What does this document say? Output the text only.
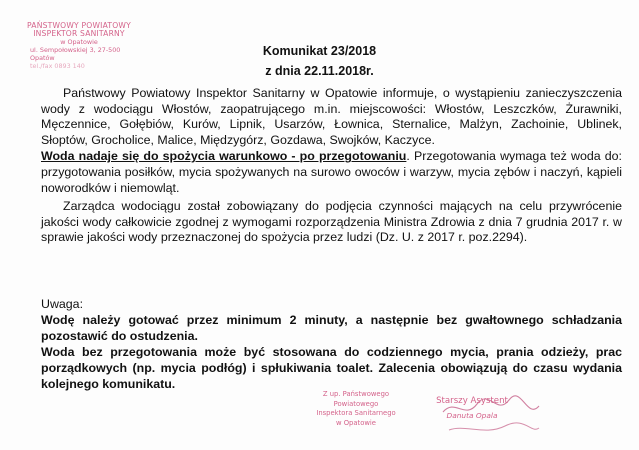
PAŃSTWOWY POWIATOWY
INSPEKTOR SANITARNY
w Opatowie
ul. Sempołowskiej 3, 27-500 Opatów
tel./fax 0893 140
Komunikat 23/2018
z dnia 22.11.2018r.

Państwowy Powiatowy Inspektor Sanitarny w Opatowie informuje, o wystąpieniu zanieczyszczenia wody z wodociągu Włostów, zaopatrującego m.in. miejscowości: Włostów, Leszczków, Żurawniki, Męczennice, Gołębiów, Kurów, Lipnik, Usarzów, Łownica, Sternalice, Malżyn, Zachoinie, Ublinek, Słoptów, Grocholice, Malice, Międzygórz, Gozdawa, Swojków, Kaczyce.

Woda nadaje się do spożycia warunkowo - po przegotowaniu. Przegotowania wymaga też woda do: przygotowania posiłków, mycia spożywanych na surowo owoców i warzyw, mycia zębów i naczyń, kąpieli noworodków i niemowląt.

Zarządca wodociągu został zobowiązany do podjęcia czynności mających na celu przywrócenie jakości wody całkowicie zgodnej z wymogami rozporządzenia Ministra Zdrowia z dnia 7 grudnia 2017 r. w sprawie jakości wody przeznaczonej do spożycia przez ludzi (Dz. U. z 2017 r. poz.2294).

Uwaga:

Wodę należy gotować przez minimum 2 minuty, a następnie bez gwałtownego schładzania pozostawić do ostudzenia.

Woda bez przegotowania może być stosowana do codziennego mycia, prania odzieży, prac porządkowych (np. mycia podłóg) i spłukiwania toalet. Zalecenia obowiązują do czasu wydania kolejnego komunikatu.

Z up. Państwowego Powiatowego
Inspektora Sanitarnego
w Opatowie
Starszy Asystent
Danuta Opala
